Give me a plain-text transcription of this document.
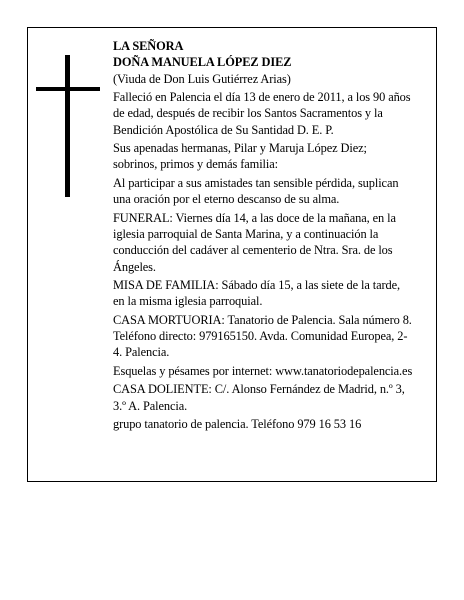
LA SEÑORA

DOÑA MANUELA LÓPEZ DIEZ

(Viuda de Don Luis Gutiérrez Arias)

Falleció en Palencia el día 13 de enero de 2011, a los 90 años de edad, después de recibir los Santos Sacramentos y la Bendición Apostólica de Su Santidad D. E. P.

Sus apenadas hermanas, Pilar y Maruja López Diez; sobrinos, primos y demás familia:

Al participar a sus amistades tan sensible pérdida, suplican una oración por el eterno descanso de su alma.

FUNERAL: Viernes día 14, a las doce de la mañana, en la iglesia parroquial de Santa Marina, y a continuación la conducción del cadáver al cementerio de Ntra. Sra. de los Ángeles.

MISA DE FAMILIA: Sábado día 15, a las siete de la tarde, en la misma iglesia parroquial.

CASA MORTUORIA: Tanatorio de Palencia. Sala número 8. Teléfono directo: 979165150. Avda. Comunidad Europea, 2-4. Palencia.

Esquelas y pésames por internet: www.tanatoriodepalencia.es

CASA DOLIENTE: C/. Alonso Fernández de Madrid, n.º 3, 3.º A. Palencia.

grupo tanatorio de palencia. Teléfono 979 16 53 16
